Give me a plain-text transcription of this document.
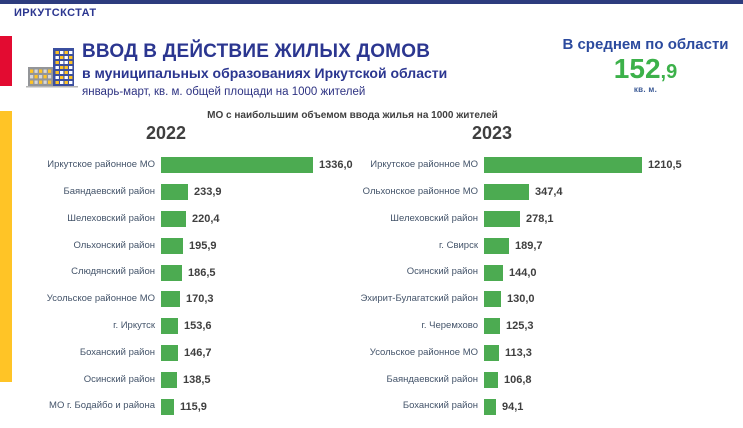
ИРКУТСКСТАТ
ВВОД В ДЕЙСТВИЕ ЖИЛЫХ ДОМОВ
в муниципальных образованиях Иркутской области
январь-март, кв. м. общей площади на 1000 жителей
В среднем по области
152,9
кв. м.
МО с наибольшим объемом ввода жилья на 1000 жителей
2022	2023
Иркутское районное МО	1336,0
Баяндаевский район	233,9
Шелеховский район	220,4
Ольхонский район	195,9
Слюдянский район	186,5
Усольское районное МО	170,3
г. Иркутск	153,6
Боханский район	146,7
Осинский район	138,5
МО г. Бодайбо и района 115,9
Иркутское районное МО	1210,5
Ольхонское районное МО	347,4
Шелеховский район	278,1
г. Свирск	189,7
Осинский район	144,0
Эхирит-Булагатский район	130,0
г. Черемхово	125,3
Усольское районное МО 113,3
Баяндаевский район 106,8
Боханский район 94,1
